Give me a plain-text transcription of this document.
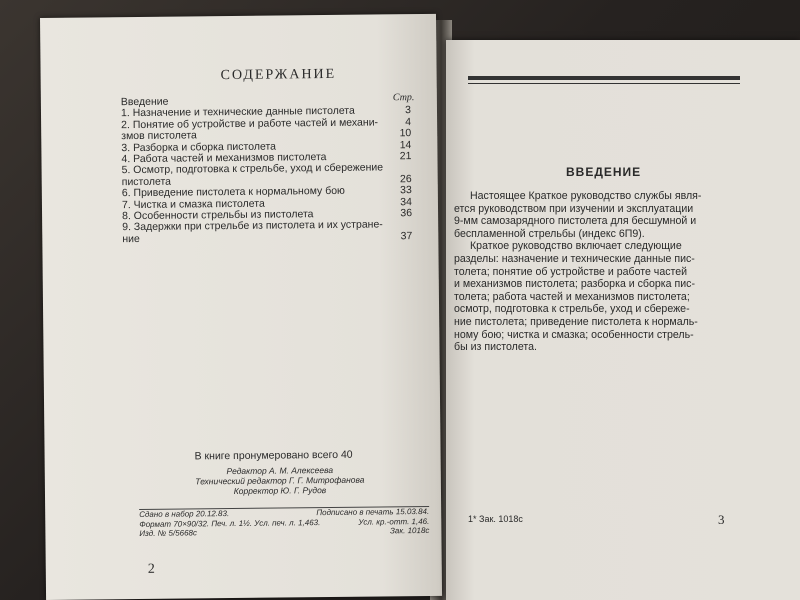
СОДЕРЖАНИЕ
Стр.
Введение
1. Назначение и технические данные пистолета	3
2. Понятие об устройстве и работе частей и механи-	4
змов пистолета	10
3. Разборка и сборка пистолета	14
4. Работа частей и механизмов пистолета	21
5. Осмотр, подготовка к стрельбе, уход и сбережение
пистолета	26
6. Приведение пистолета к нормальному бою	33
7. Чистка и смазка пистолета	34
8. Особенности стрельбы из пистолета	36
9. Задержки при стрельбе из пистолета и их устране-
ние	37
В книге пронумеровано всего 40
Редактор А. М. Алексеева
Технический редактор Г. Г. Митрофанова
Корректор Ю. Г. Рудов
Сдано в набор 20.12.83.	Подписано в печать 15.03.84.
Формат 70×90/32. Печ. л. 1½. Усл. печ. л. 1,463.	Усл. кр.-отт. 1,46.
Изд. № 5/5668с	Зак. 1018с
2
ВВЕДЕНИЕ

Настоящее Краткое руководство службы явля-
ется руководством при изучении и эксплуатации
9-мм самозарядного пистолета для бесшумной и
беспламенной стрельбы (индекс 6П9).

Краткое руководство включает следующие
разделы: назначение и технические данные пис-
толета; понятие об устройстве и работе частей
и механизмов пистолета; разборка и сборка пис-
толета; работа частей и механизмов пистолета;
осмотр, подготовка к стрельбе, уход и сбереже-
ние пистолета; приведение пистолета к нормаль-
ному бою; чистка и смазка; особенности стрель-
бы из пистолета.

1* Зак. 1018с	3
